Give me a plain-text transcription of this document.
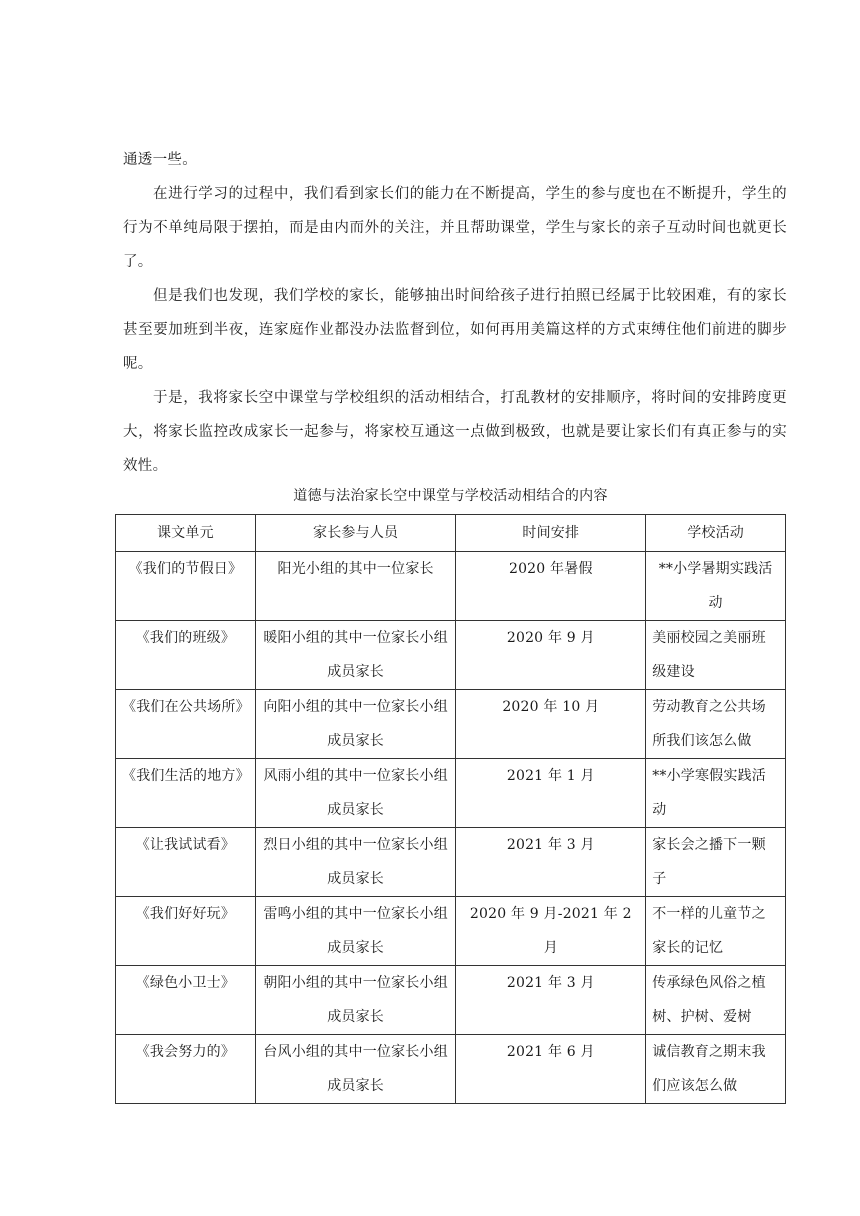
通透一些。

在进行学习的过程中，我们看到家长们的能力在不断提高，学生的参与度也在不断提升，学生的行为不单纯局限于摆拍，而是由内而外的关注，并且帮助课堂，学生与家长的亲子互动时间也就更长了。

但是我们也发现，我们学校的家长，能够抽出时间给孩子进行拍照已经属于比较困难，有的家长甚至要加班到半夜，连家庭作业都没办法监督到位，如何再用美篇这样的方式束缚住他们前进的脚步呢。

于是，我将家长空中课堂与学校组织的活动相结合，打乱教材的安排顺序，将时间的安排跨度更大，将家长监控改成家长一起参与，将家校互通这一点做到极致，也就是要让家长们有真正参与的实效性。

道德与法治家长空中课堂与学校活动相结合的内容
课文单元	家长参与人员	时间安排	学校活动
《我们的节假日》	阳光小组的其中一位家长	2020 年暑假	**小学暑期实践活动
《我们的班级》	暖阳小组的其中一位家长小组成员家长	2020 年 9 月	美丽校园之美丽班级建设
《我们在公共场所》	向阳小组的其中一位家长小组成员家长	2020 年 10 月	劳动教育之公共场所我们该怎么做
《我们生活的地方》	风雨小组的其中一位家长小组成员家长	2021 年 1 月	**小学寒假实践活动
《让我试试看》	烈日小组的其中一位家长小组成员家长	2021 年 3 月	家长会之播下一颗子
《我们好好玩》	雷鸣小组的其中一位家长小组成员家长	2020 年 9 月-2021 年 2 月	不一样的儿童节之家长的记忆
《绿色小卫士》	朝阳小组的其中一位家长小组成员家长	2021 年 3 月	传承绿色风俗之植树、护树、爱树
《我会努力的》	台风小组的其中一位家长小组成员家长	2021 年 6 月	诚信教育之期末我们应该怎么做
